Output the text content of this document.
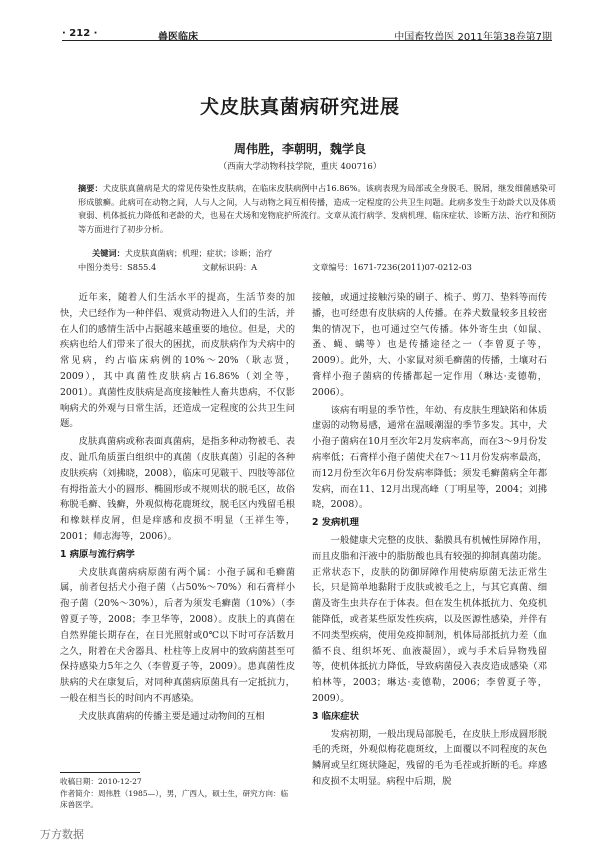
· 212 ·	兽医临床	中国畜牧兽医 2011年第38卷第7期
犬皮肤真菌病研究进展
周伟胜，李朝明，魏学良
（西南大学动物科技学院，重庆 400716）
摘要：犬皮肤真菌病是犬的常见传染性皮肤病，在临床皮肤病例中占16.86%。该病表现为局部或全身脱毛、脱屑，继发细菌感染可形成脓癣。此病可在动物之间，人与人之间，人与动物之间互相传播，造成一定程度的公共卫生问题。此病多发生于幼龄犬以及体质衰弱、机体抵抗力降低和老龄的犬，也易在犬场和宠物庇护所流行。文章从流行病学、发病机理、临床症状、诊断方法、治疗和预防等方面进行了初步分析。
关键词：犬皮肤真菌病；机理；症状；诊断；治疗
中图分类号：S855.4	文献标识码：A	文章编号：1671-7236(2011)07-0212-03

近年来，随着人们生活水平的提高，生活节奏的加快，犬已经作为一种伴侣、观赏动物进入人们的生活，并在人们的感情生活中占据越来越重要的地位。但是，犬的疾病也给人们带来了很大的困扰，而皮肤病作为犬病中的常见病，约占临床病例的10%～20%（耿志贤，2009），其中真菌性皮肤病占16.86%（刘全等，2001）。真菌性皮肤病是高度接触性人畜共患病，不仅影响病犬的外观与日常生活，还造成一定程度的公共卫生问题。

皮肤真菌病或称表面真菌病，是指多种动物被毛、表皮、趾爪角质蛋白组织中的真菌（皮肤真菌）引起的各种皮肤疾病（刘拂晓，2008），临床可见皲干、四肢等部位有拇指盖大小的圆形、椭圆形或不规则状的脱毛区，故俗称脱毛癣、钱癣，外观似梅花鹿斑纹，脱毛区内残留毛根和橡麸样皮屑，但是痒感和皮损不明显（王祥生等，2001；师志海等，2006）。

1 病原与流行病学

犬皮肤真菌病病原菌有两个属：小孢子属和毛癣菌属，前者包括犬小孢子菌（占50%～70%）和石膏样小孢子菌（20%～30%），后者为须发毛癣菌（10%）（李曾夏子等，2008；李卫华等，2008）。皮肤上的真菌在自然界能长期存在，在日光照射或0℃以下时可存活数月之久，附着在犬舍器具、杜柱等上皮屑中的致病菌甚至可保持感染力5年之久（李曾夏子等，2009）。患真菌性皮肤病的犬在康复后，对同种真菌病原菌具有一定抵抗力，一般在相当长的时间内不再感染。

犬皮肤真菌病的传播主要是通过动物间的互相

接触，或通过接触污染的刷子、梳子、剪刀、垫料等而传播，也可经患有皮肤病的人传播。在养犬数量较多且较密集的情况下，也可通过空气传播。体外寄生虫（如鼠、蚤、蝇、螨等）也是传播途径之一（李曾夏子等，2009）。此外，大、小家鼠对须毛癣菌的传播，土壤对石膏样小孢子菌病的传播都起一定作用（琳达·麦德勒，2006）。

该病有明显的季节性，年幼、有皮肤生理缺陷和体质虚弱的动物易感，通常在温暖潮湿的季节多发。其中，犬小孢子菌病在10月至次年2月发病率高，而在3～9月份发病率低；石膏样小孢子菌使犬在7～11月份发病率最高，而12月份至次年6月份发病率降低；须发毛癣菌病全年都发病，而在11、12月出现高峰（丁明星等，2004；刘拂晓，2008）。

2 发病机理

一般健康犬完整的皮肤、黏膜具有机械性屏障作用，而且皮脂和汗液中的脂肪酸也具有较强的抑制真菌功能。正常状态下，皮肤的防御屏障作用使病原菌无法正常生长，只是简单地黏附于皮肤或被毛之上，与其它真菌、细菌及寄生虫共存在于体表。但在发生机体抵抗力、免疫机能降低，或者某些原发性疾病，以及医源性感染，并伴有不同类型疾病，使用免疫抑制剂，机体局部抵抗力差（血循不良、组织坏死、血液凝固），或与手术后异物残留等，使机体抵抗力降低，导致病菌侵入表皮造成感染（邓柏林等，2003；琳达·麦德勒，2006；李曾夏子等，2009）。

3 临床症状

发病初期，一般出现局部脱毛，在皮肤上形成圆形脱毛的秃斑，外观似梅花鹿斑纹，上面覆以不同程度的灰色鳞屑或呈红斑状隆起，残留的毛为毛茬或折断的毛。痒感和皮损不太明显。病程中后期，脱

收稿日期：2010-12-27
作者简介：周伟胜（1985—），男，广西人，硕士生，研究方向：临床兽医学。
万方数据
